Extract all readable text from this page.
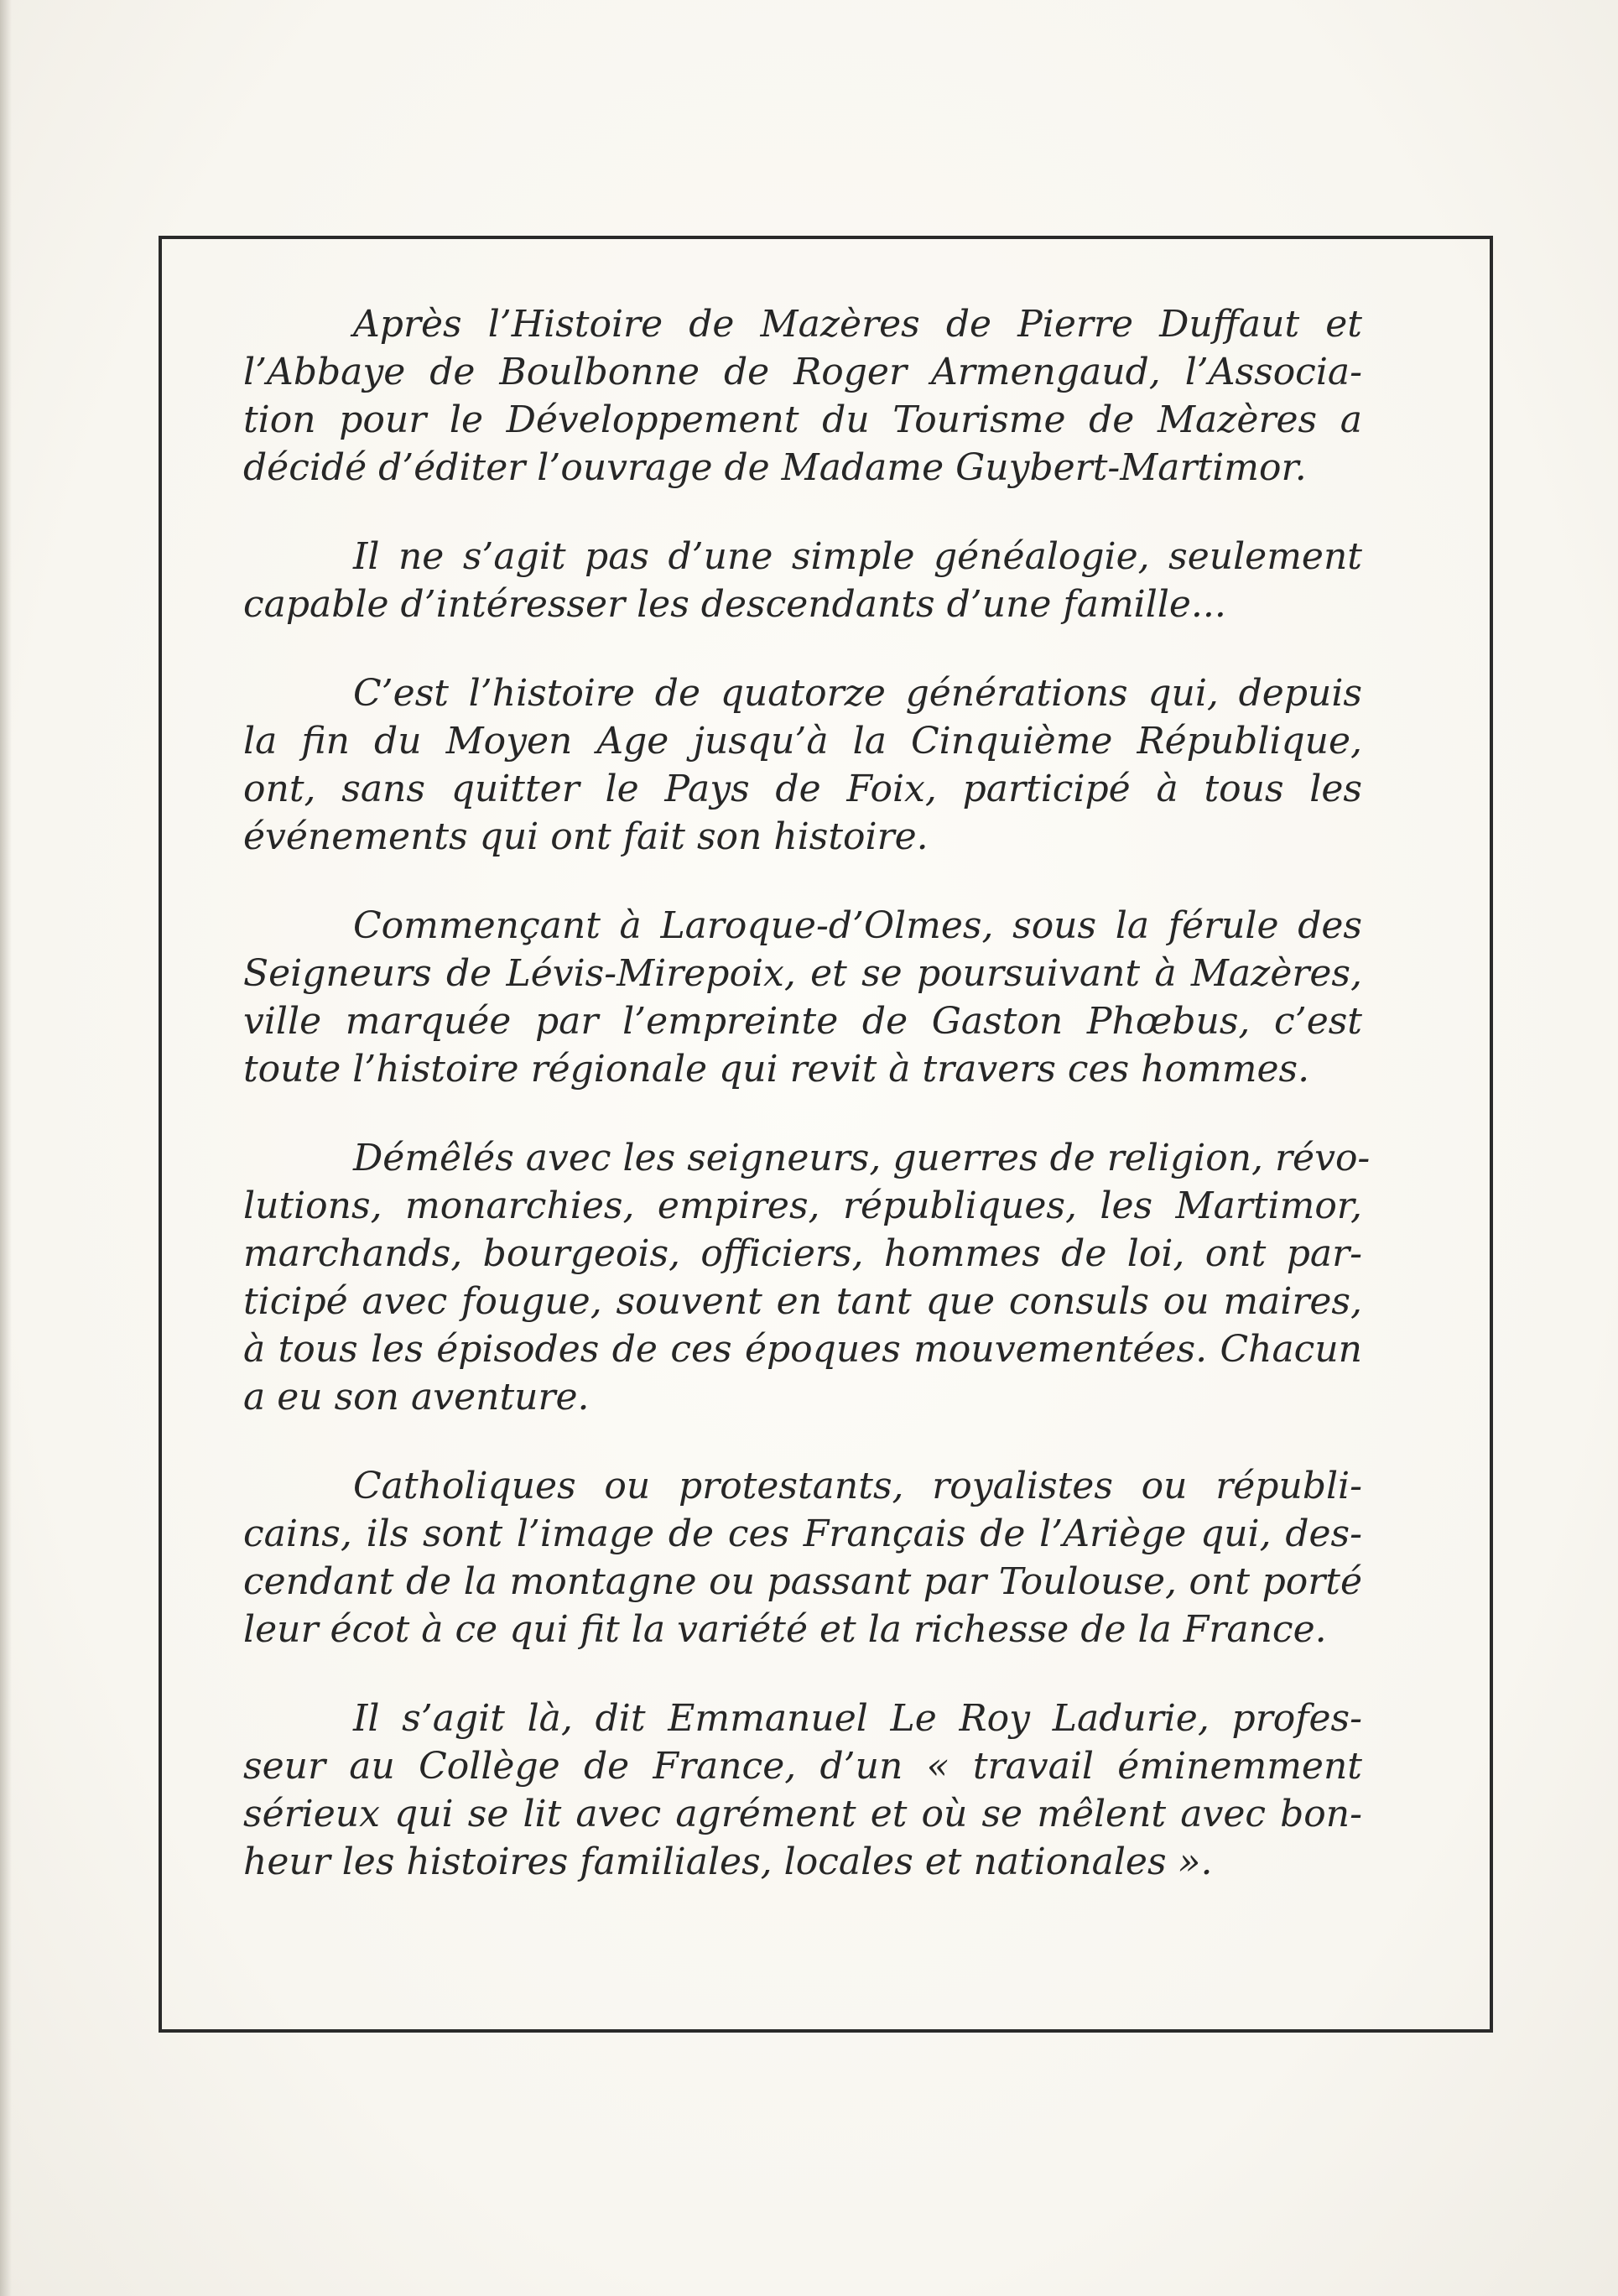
Après l’Histoire de Mazères de Pierre Duffaut et
l’Abbaye de Boulbonne de Roger Armengaud, l’Associa-
tion pour le Développement du Tourisme de Mazères a
décidé d’éditer l’ouvrage de Madame Guybert-Martimor.

Il ne s’agit pas d’une simple généalogie, seulement
capable d’intéresser les descendants d’une famille...

C’est l’histoire de quatorze générations qui, depuis
la fin du Moyen Age jusqu’à la Cinquième République,
ont, sans quitter le Pays de Foix, participé à tous les
événements qui ont fait son histoire.

Commençant à Laroque-d’Olmes, sous la férule des
Seigneurs de Lévis-Mirepoix, et se poursuivant à Mazères,
ville marquée par l’empreinte de Gaston Phœbus, c’est
toute l’histoire régionale qui revit à travers ces hommes.

Démêlés avec les seigneurs, guerres de religion, révo-
lutions, monarchies, empires, républiques, les Martimor,
marchands, bourgeois, officiers, hommes de loi, ont par-
ticipé avec fougue, souvent en tant que consuls ou maires,
à tous les épisodes de ces époques mouvementées. Chacun
a eu son aventure.

Catholiques ou protestants, royalistes ou républi-
cains, ils sont l’image de ces Français de l’Ariège qui, des-
cendant de la montagne ou passant par Toulouse, ont porté
leur écot à ce qui fit la variété et la richesse de la France.

Il s’agit là, dit Emmanuel Le Roy Ladurie, profes-
seur au Collège de France, d’un « travail éminemment
sérieux qui se lit avec agrément et où se mêlent avec bon-
heur les histoires familiales, locales et nationales ».
